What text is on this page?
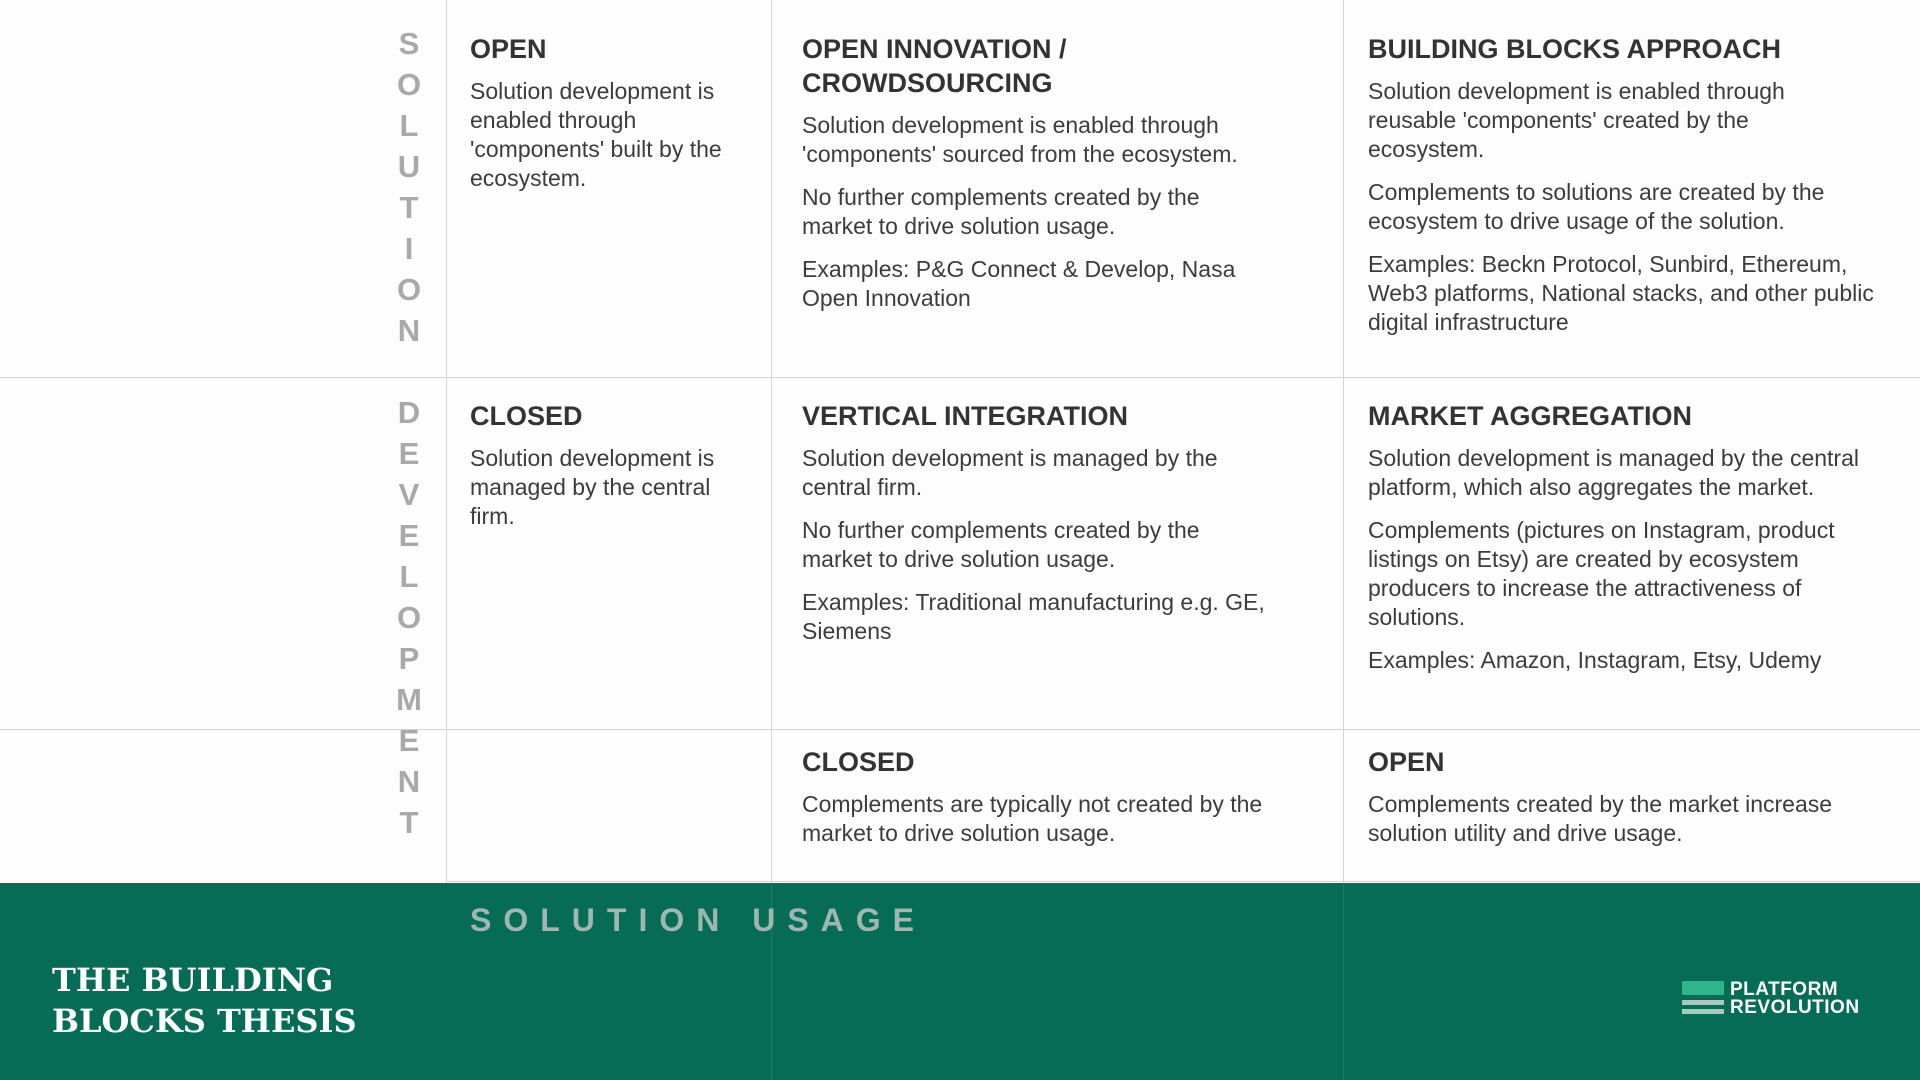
S
O
L
U
T
I
O
N
D
E
V
E
L
O
P
M
E
N
T
OPEN

Solution development is enabled through 'components' built by the ecosystem.

OPEN INNOVATION / CROWDSOURCING

Solution development is enabled through 'components' sourced from the ecosystem.

No further complements created by the market to drive solution usage.

Examples: P&G Connect & Develop, Nasa Open Innovation

BUILDING BLOCKS APPROACH

Solution development is enabled through reusable 'components' created by the ecosystem.

Complements to solutions are created by the ecosystem to drive usage of the solution.

Examples: Beckn Protocol, Sunbird, Ethereum, Web3 platforms, National stacks, and other public digital infrastructure

CLOSED

Solution development is managed by the central firm.

VERTICAL INTEGRATION

Solution development is managed by the central firm.

No further complements created by the market to drive solution usage.

Examples: Traditional manufacturing e.g. GE, Siemens

MARKET AGGREGATION

Solution development is managed by the central platform, which also aggregates the market.

Complements (pictures on Instagram, product listings on Etsy) are created by ecosystem producers to increase the attractiveness of solutions.

Examples: Amazon, Instagram, Etsy, Udemy

CLOSED

Complements are typically not created by the market to drive solution usage.

OPEN

Complements created by the market increase solution utility and drive usage.

SOLUTION USAGE
THE BUILDING
BLOCKS THESIS
PLATFORM
REVOLUTION
